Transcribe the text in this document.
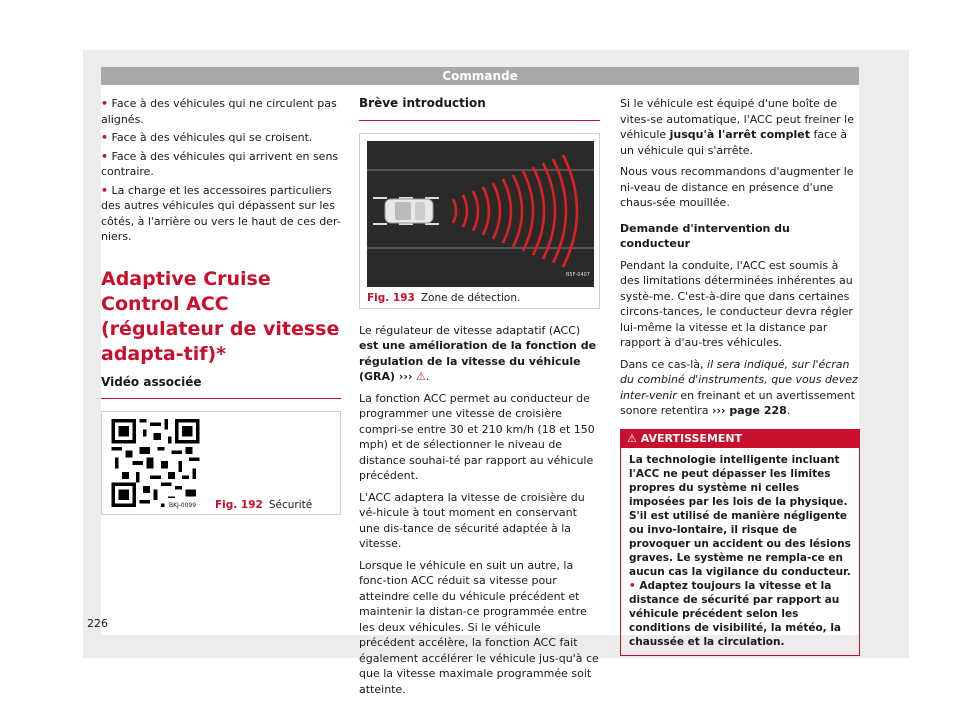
Commande
• Face à des véhicules qui ne circulent pas alignés.
• Face à des véhicules qui se croisent.
• Face à des véhicules qui arrivent en sens contraire.
• La charge et les accessoires particuliers des autres véhicules qui dépassent sur les côtés, à l'arrière ou vers le haut de ces der-niers.
Adaptive Cruise Control ACC (régulateur de vitesse adapta-tif)*
Vidéo associée
BKJ-0099 Fig. 192 Sécurité
Brève introduction
B5F-0407
Fig. 193 Zone de détection.

Le régulateur de vitesse adaptatif (ACC) est une amélioration de la fonction de régulation de la vitesse du véhicule (GRA) ››› ⚠.

La fonction ACC permet au conducteur de programmer une vitesse de croisière compri-se entre 30 et 210 km/h (18 et 150 mph) et de sélectionner le niveau de distance souhai-té par rapport au véhicule précédent.

L'ACC adaptera la vitesse de croisière du vé-hicule à tout moment en conservant une dis-tance de sécurité adaptée à la vitesse.

Lorsque le véhicule en suit un autre, la fonc-tion ACC réduit sa vitesse pour atteindre celle du véhicule précédent et maintenir la distan-ce programmée entre les deux véhicules. Si le véhicule précédent accélère, la fonction ACC fait également accélérer le véhicule jus-qu'à ce que la vitesse maximale programmée soit atteinte.

Si le véhicule est équipé d'une boîte de vites-se automatique, l'ACC peut freiner le véhicule jusqu'à l'arrêt complet face à un véhicule qui s'arrête.

Nous vous recommandons d'augmenter le ni-veau de distance en présence d'une chaus-sée mouillée.

Demande d'intervention du conducteur

Pendant la conduite, l'ACC est soumis à des limitations déterminées inhérentes au systè-me. C'est-à-dire que dans certaines circons-tances, le conducteur devra régler lui-même la vitesse et la distance par rapport à d'au-tres véhicules.

Dans ce cas-là, il sera indiqué, sur l'écran du combiné d'instruments, que vous devez inter-venir en freinant et un avertissement sonore retentira ››› page 228.

⚠ AVERTISSEMENT
La technologie intelligente incluant l'ACC ne peut dépasser les limites propres du système ni celles imposées par les lois de la physique. S'il est utilisé de manière négligente ou invo-lontaire, il risque de provoquer un accident ou des lésions graves. Le système ne rempla-ce en aucun cas la vigilance du conducteur.
• Adaptez toujours la vitesse et la distance de sécurité par rapport au véhicule précédent selon les conditions de visibilité, la météo, la chaussée et la circulation.
226
